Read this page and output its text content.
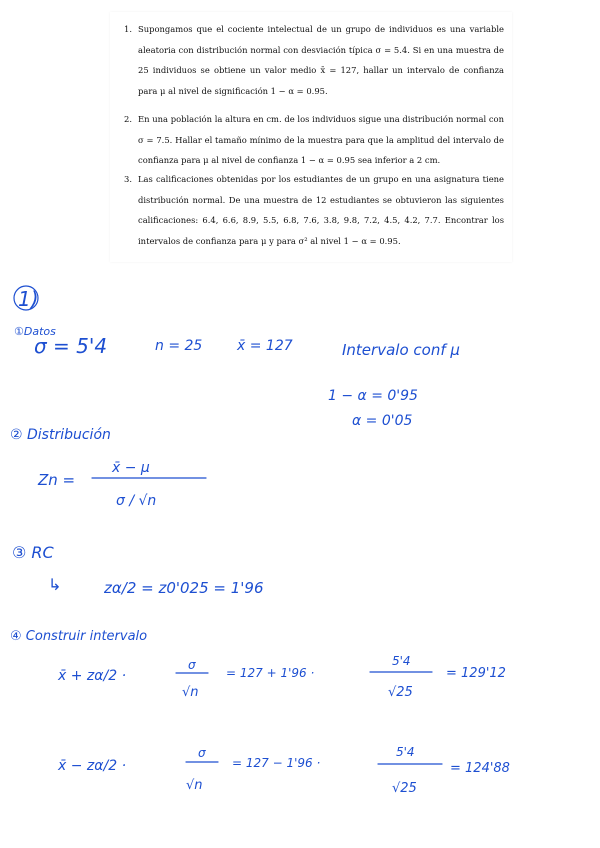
1. Supongamos que el cociente intelectual de un grupo de individuos es una variable aleatoria con distribución normal con desviación típica σ = 5.4. Si en una muestra de 25 individuos se obtiene un valor medio x̄ = 127, hallar un intervalo de confianza para μ al nivel de significación 1 − α = 0.95.
2. En una población la altura en cm. de los individuos sigue una distribución normal con σ = 7.5. Hallar el tamaño mínimo de la muestra para que la amplitud del intervalo de confianza para μ al nivel de confianza 1 − α = 0.95 sea inferior a 2 cm.
3. Las calificaciones obtenidas por los estudiantes de un grupo en una asignatura tiene distribución normal. De una muestra de 12 estudiantes se obtuvieron las siguientes calificaciones: 6.4, 6.6, 8.9, 5.5, 6.8, 7.6, 3.8, 9.8, 7.2, 4.5, 4.2, 7.7. Encontrar los intervalos de confianza para μ y para σ² al nivel 1 − α = 0.95.
1)
①Datos
σ = 5'4	n = 25 x̄ = 127	Intervalo conf μ
1 − α = 0'95
α = 0'05
② Distribución
Zn =
x̄ − μ
σ / √n
③ RC
↳	zα/2 = z0'025 = 1'96
④ Construir intervalo
x̄ + zα/2 ·
σ
√n
= 127 + 1'96 ·
5'4
√25
= 129'12
x̄ − zα/2 ·
σ
√n
= 127 − 1'96 ·
5'4
√25
= 124'88
